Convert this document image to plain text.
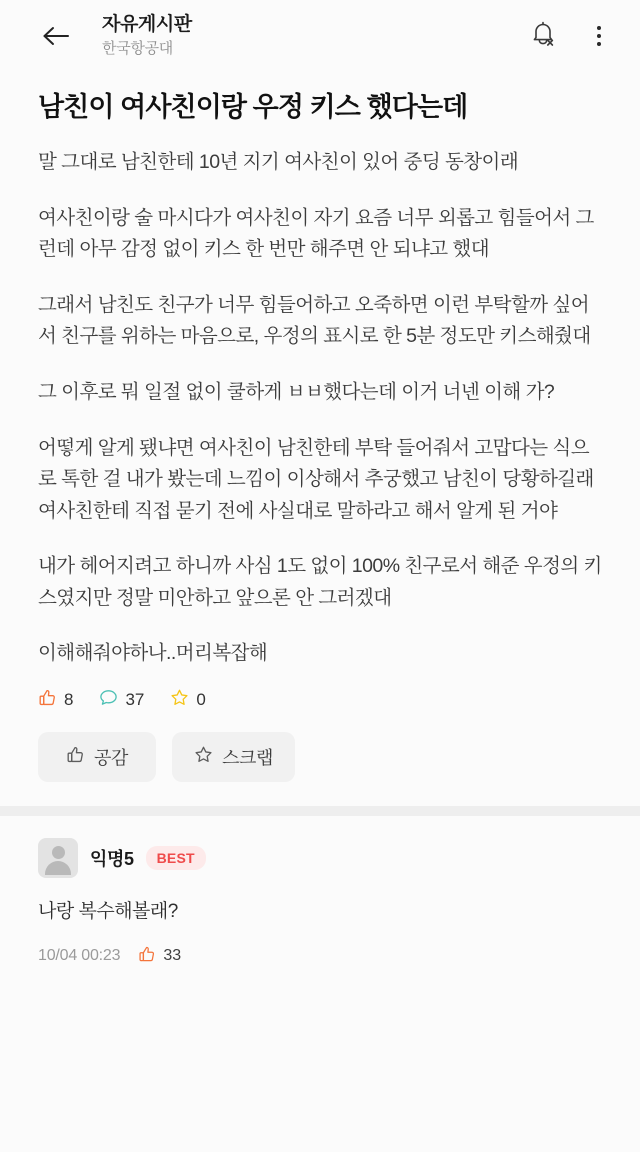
자유게시판
한국항공대
남친이 여사친이랑 우정 키스 했다는데

말 그대로 남친한테 10년 지기 여사친이 있어 중딩 동창이래

여사친이랑 술 마시다가 여사친이 자기 요즘 너무 외롭고 힘들어서 그런데 아무 감정 없이 키스 한 번만 해주면 안 되냐고 했대

그래서 남친도 친구가 너무 힘들어하고 오죽하면 이런 부탁할까 싶어서 친구를 위하는 마음으로, 우정의 표시로 한 5분 정도만 키스해줬대

그 이후로 뭐 일절 없이 쿨하게 ㅂㅂ했다는데 이거 너넨 이해 가?

어떻게 알게 됐냐면 여사친이 남친한테 부탁 들어줘서 고맙다는 식으로 톡한 걸 내가 봤는데 느낌이 이상해서 추궁했고 남친이 당황하길래 여사친한테 직접 묻기 전에 사실대로 말하라고 해서 알게 된 거야

내가 헤어지려고 하니까 사심 1도 없이 100% 친구로서 해준 우정의 키스였지만 정말 미안하고 앞으론 안 그러겠대

이해해줘야하나..머리복잡해

8	37	0
공감	스크랩
익명5	BEST

나랑 복수해볼래?

10/04 00:23	33
